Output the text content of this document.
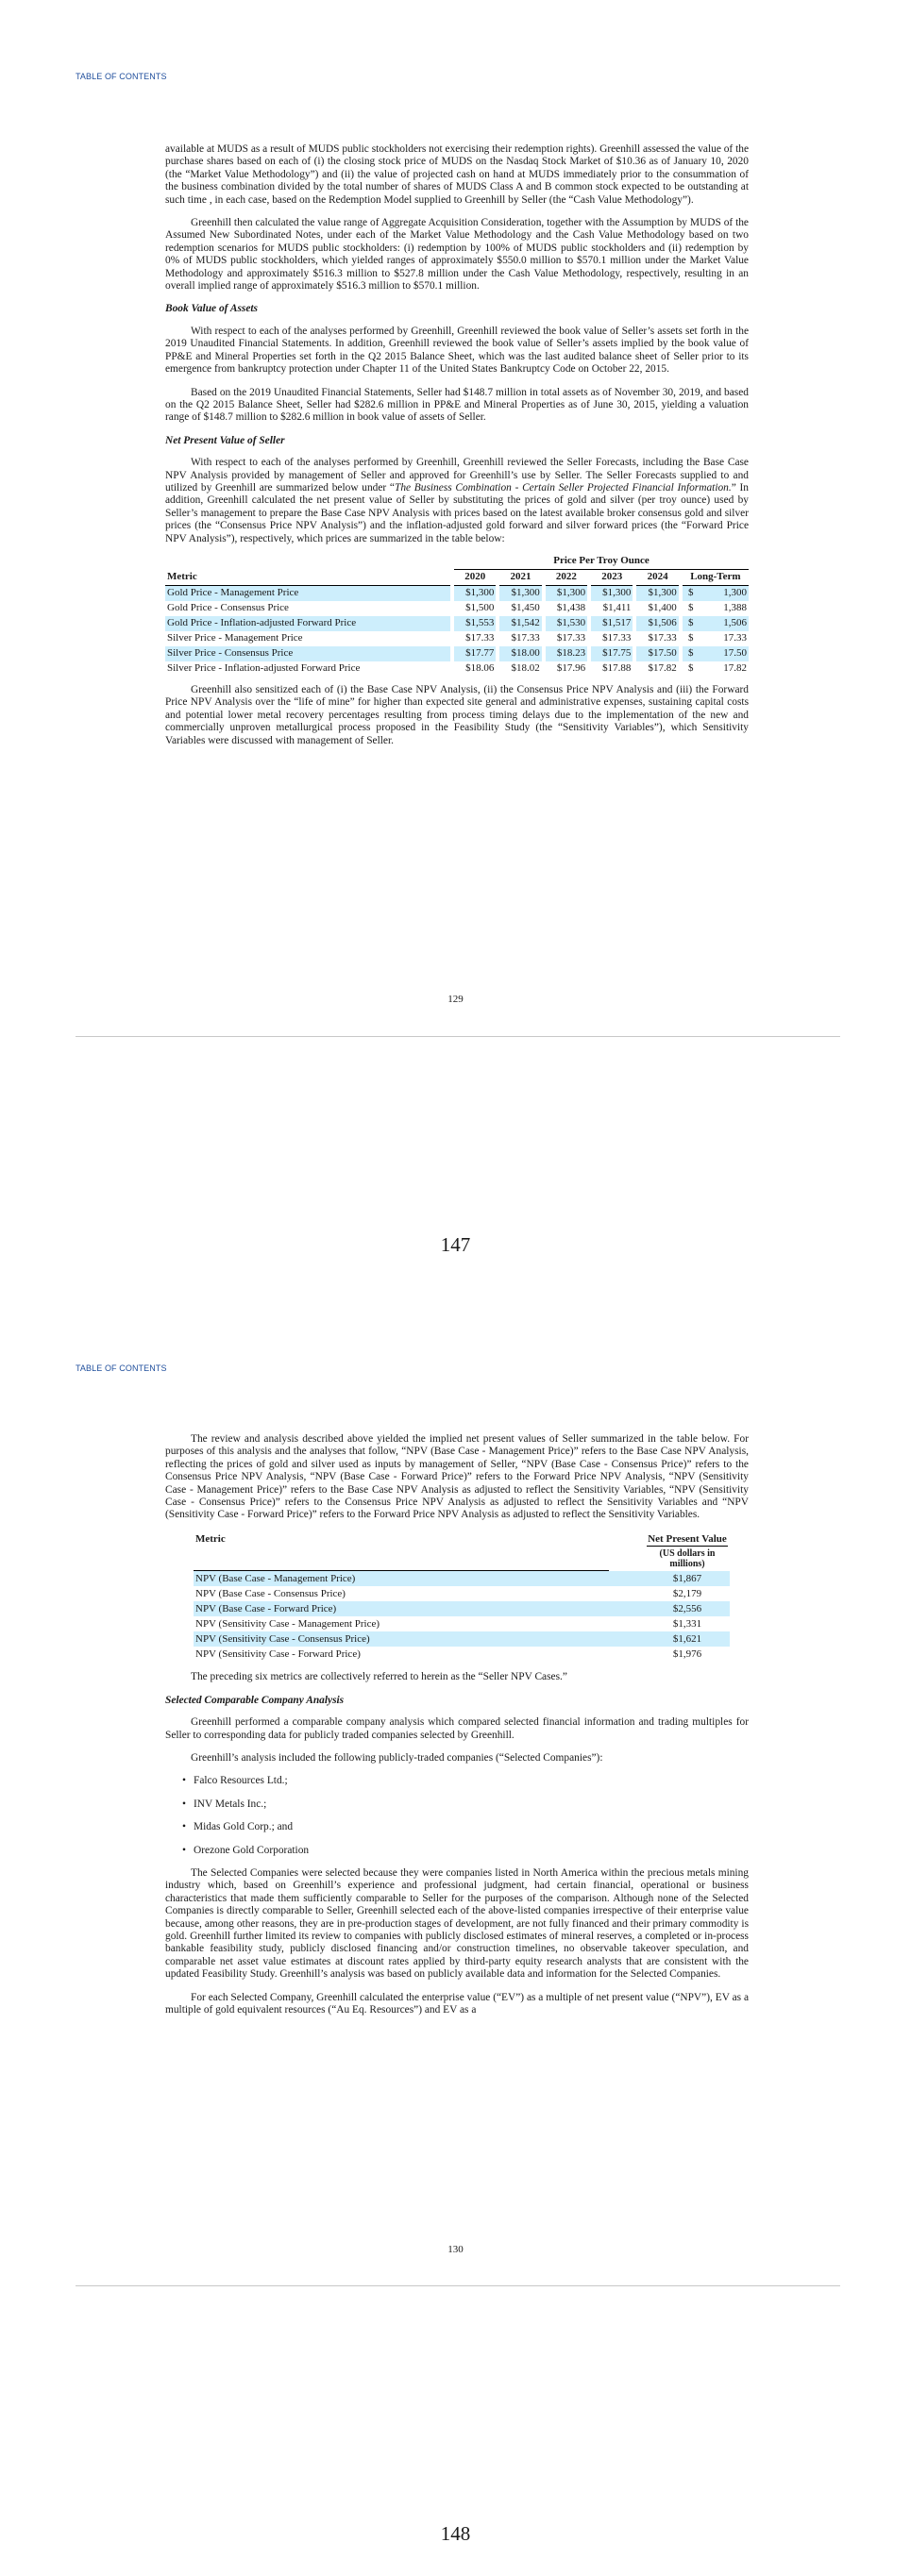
TABLE OF CONTENTS

available at MUDS as a result of MUDS public stockholders not exercising their redemption rights). Greenhill assessed the value of the purchase shares based on each of (i) the closing stock price of MUDS on the Nasdaq Stock Market of $10.36 as of January 10, 2020 (the “Market Value Methodology”) and (ii) the value of projected cash on hand at MUDS immediately prior to the consummation of the business combination divided by the total number of shares of MUDS Class A and B common stock expected to be outstanding at such time , in each case, based on the Redemption Model supplied to Greenhill by Seller (the “Cash Value Methodology”).

Greenhill then calculated the value range of Aggregate Acquisition Consideration, together with the Assumption by MUDS of the Assumed New Subordinated Notes, under each of the Market Value Methodology and the Cash Value Methodology based on two redemption scenarios for MUDS public stockholders: (i) redemption by 100% of MUDS public stockholders and (ii) redemption by 0% of MUDS public stockholders, which yielded ranges of approximately $550.0 million to $570.1 million under the Market Value Methodology and approximately $516.3 million to $527.8 million under the Cash Value Methodology, respectively, resulting in an overall implied range of approximately $516.3 million to $570.1 million.

Book Value of Assets

With respect to each of the analyses performed by Greenhill, Greenhill reviewed the book value of Seller’s assets set forth in the 2019 Unaudited Financial Statements. In addition, Greenhill reviewed the book value of Seller’s assets implied by the book value of PP&E and Mineral Properties set forth in the Q2 2015 Balance Sheet, which was the last audited balance sheet of Seller prior to its emergence from bankruptcy protection under Chapter 11 of the United States Bankruptcy Code on October 22, 2015.

Based on the 2019 Unaudited Financial Statements, Seller had $148.7 million in total assets as of November 30, 2019, and based on the Q2 2015 Balance Sheet, Seller had $282.6 million in PP&E and Mineral Properties as of June 30, 2015, yielding a valuation range of $148.7 million to $282.6 million in book value of assets of Seller.

Net Present Value of Seller

With respect to each of the analyses performed by Greenhill, Greenhill reviewed the Seller Forecasts, including the Base Case NPV Analysis provided by management of Seller and approved for Greenhill’s use by Seller. The Seller Forecasts supplied to and utilized by Greenhill are summarized below under “The Business Combination - Certain Seller Projected Financial Information.” In addition, Greenhill calculated the net present value of Seller by substituting the prices of gold and silver (per troy ounce) used by Seller’s management to prepare the Base Case NPV Analysis with prices based on the latest available broker consensus gold and silver prices (the “Consensus Price NPV Analysis”) and the inflation-adjusted gold forward and silver forward prices (the “Forward Price NPV Analysis”), respectively, which prices are summarized in the table below:

		Price Per Troy Ounce										
Metric		2020		2021		2022		2023		2024		Long-Term
Gold Price - Management Price		$1,300		$1,300		$1,300		$1,300		$1,300		$ 1,300

Gold Price - Consensus Price		$1,500		$1,450		$1,438		$1,411		$1,400		$ 1,388

Gold Price - Inflation-adjusted Forward Price		$1,553		$1,542		$1,530		$1,517		$1,506		$ 1,506

Silver Price - Management Price		$17.33		$17.33		$17.33		$17.33		$17.33		$ 17.33

Silver Price - Consensus Price		$17.77		$18.00		$18.23		$17.75		$17.50		$ 17.50

Silver Price - Inflation-adjusted Forward Price		$18.06		$18.02		$17.96		$17.88		$17.82		$ 17.82

Greenhill also sensitized each of (i) the Base Case NPV Analysis, (ii) the Consensus Price NPV Analysis and (iii) the Forward Price NPV Analysis over the “life of mine” for higher than expected site general and administrative expenses, sustaining capital costs and potential lower metal recovery percentages resulting from process timing delays due to the implementation of the new and commercially unproven metallurgical process proposed in the Feasibility Study (the “Sensitivity Variables”), which Sensitivity Variables were discussed with management of Seller.

129
147
TABLE OF CONTENTS

The review and analysis described above yielded the implied net present values of Seller summarized in the table below. For purposes of this analysis and the analyses that follow, “NPV (Base Case - Management Price)” refers to the Base Case NPV Analysis, reflecting the prices of gold and silver used as inputs by management of Seller, “NPV (Base Case - Consensus Price)” refers to the Consensus Price NPV Analysis, “NPV (Base Case - Forward Price)” refers to the Forward Price NPV Analysis, “NPV (Sensitivity Case - Management Price)” refers to the Base Case NPV Analysis as adjusted to reflect the Sensitivity Variables, “NPV (Sensitivity Case - Consensus Price)” refers to the Consensus Price NPV Analysis as adjusted to reflect the Sensitivity Variables and “NPV (Sensitivity Case - Forward Price)” refers to the Forward Price NPV Analysis as adjusted to reflect the Sensitivity Variables.

Metric		Net Present Value
(US dollars in millions)

NPV (Base Case - Management Price)		$1,867
NPV (Base Case - Consensus Price)		$2,179
NPV (Base Case - Forward Price)		$2,556
NPV (Sensitivity Case - Management Price)		$1,331
NPV (Sensitivity Case - Consensus Price)		$1,621
NPV (Sensitivity Case - Forward Price)		$1,976

The preceding six metrics are collectively referred to herein as the “Seller NPV Cases.”

Selected Comparable Company Analysis

Greenhill performed a comparable company analysis which compared selected financial information and trading multiples for Seller to corresponding data for publicly traded companies selected by Greenhill.

Greenhill’s analysis included the following publicly-traded companies (“Selected Companies”):

• Falco Resources Ltd.;
• INV Metals Inc.;
• Midas Gold Corp.; and
• Orezone Gold Corporation

The Selected Companies were selected because they were companies listed in North America within the precious metals mining industry which, based on Greenhill’s experience and professional judgment, had certain financial, operational or business characteristics that made them sufficiently comparable to Seller for the purposes of the comparison. Although none of the Selected Companies is directly comparable to Seller, Greenhill selected each of the above-listed companies irrespective of their enterprise value because, among other reasons, they are in pre-production stages of development, are not fully financed and their primary commodity is gold. Greenhill further limited its review to companies with publicly disclosed estimates of mineral reserves, a completed or in-process bankable feasibility study, publicly disclosed financing and/or construction timelines, no observable takeover speculation, and comparable net asset value estimates at discount rates applied by third-party equity research analysts that are consistent with the updated Feasibility Study. Greenhill’s analysis was based on publicly available data and information for the Selected Companies.

For each Selected Company, Greenhill calculated the enterprise value (“EV”) as a multiple of net present value (“NPV”), EV as a multiple of gold equivalent resources (“Au Eq. Resources”) and EV as a

130
148
